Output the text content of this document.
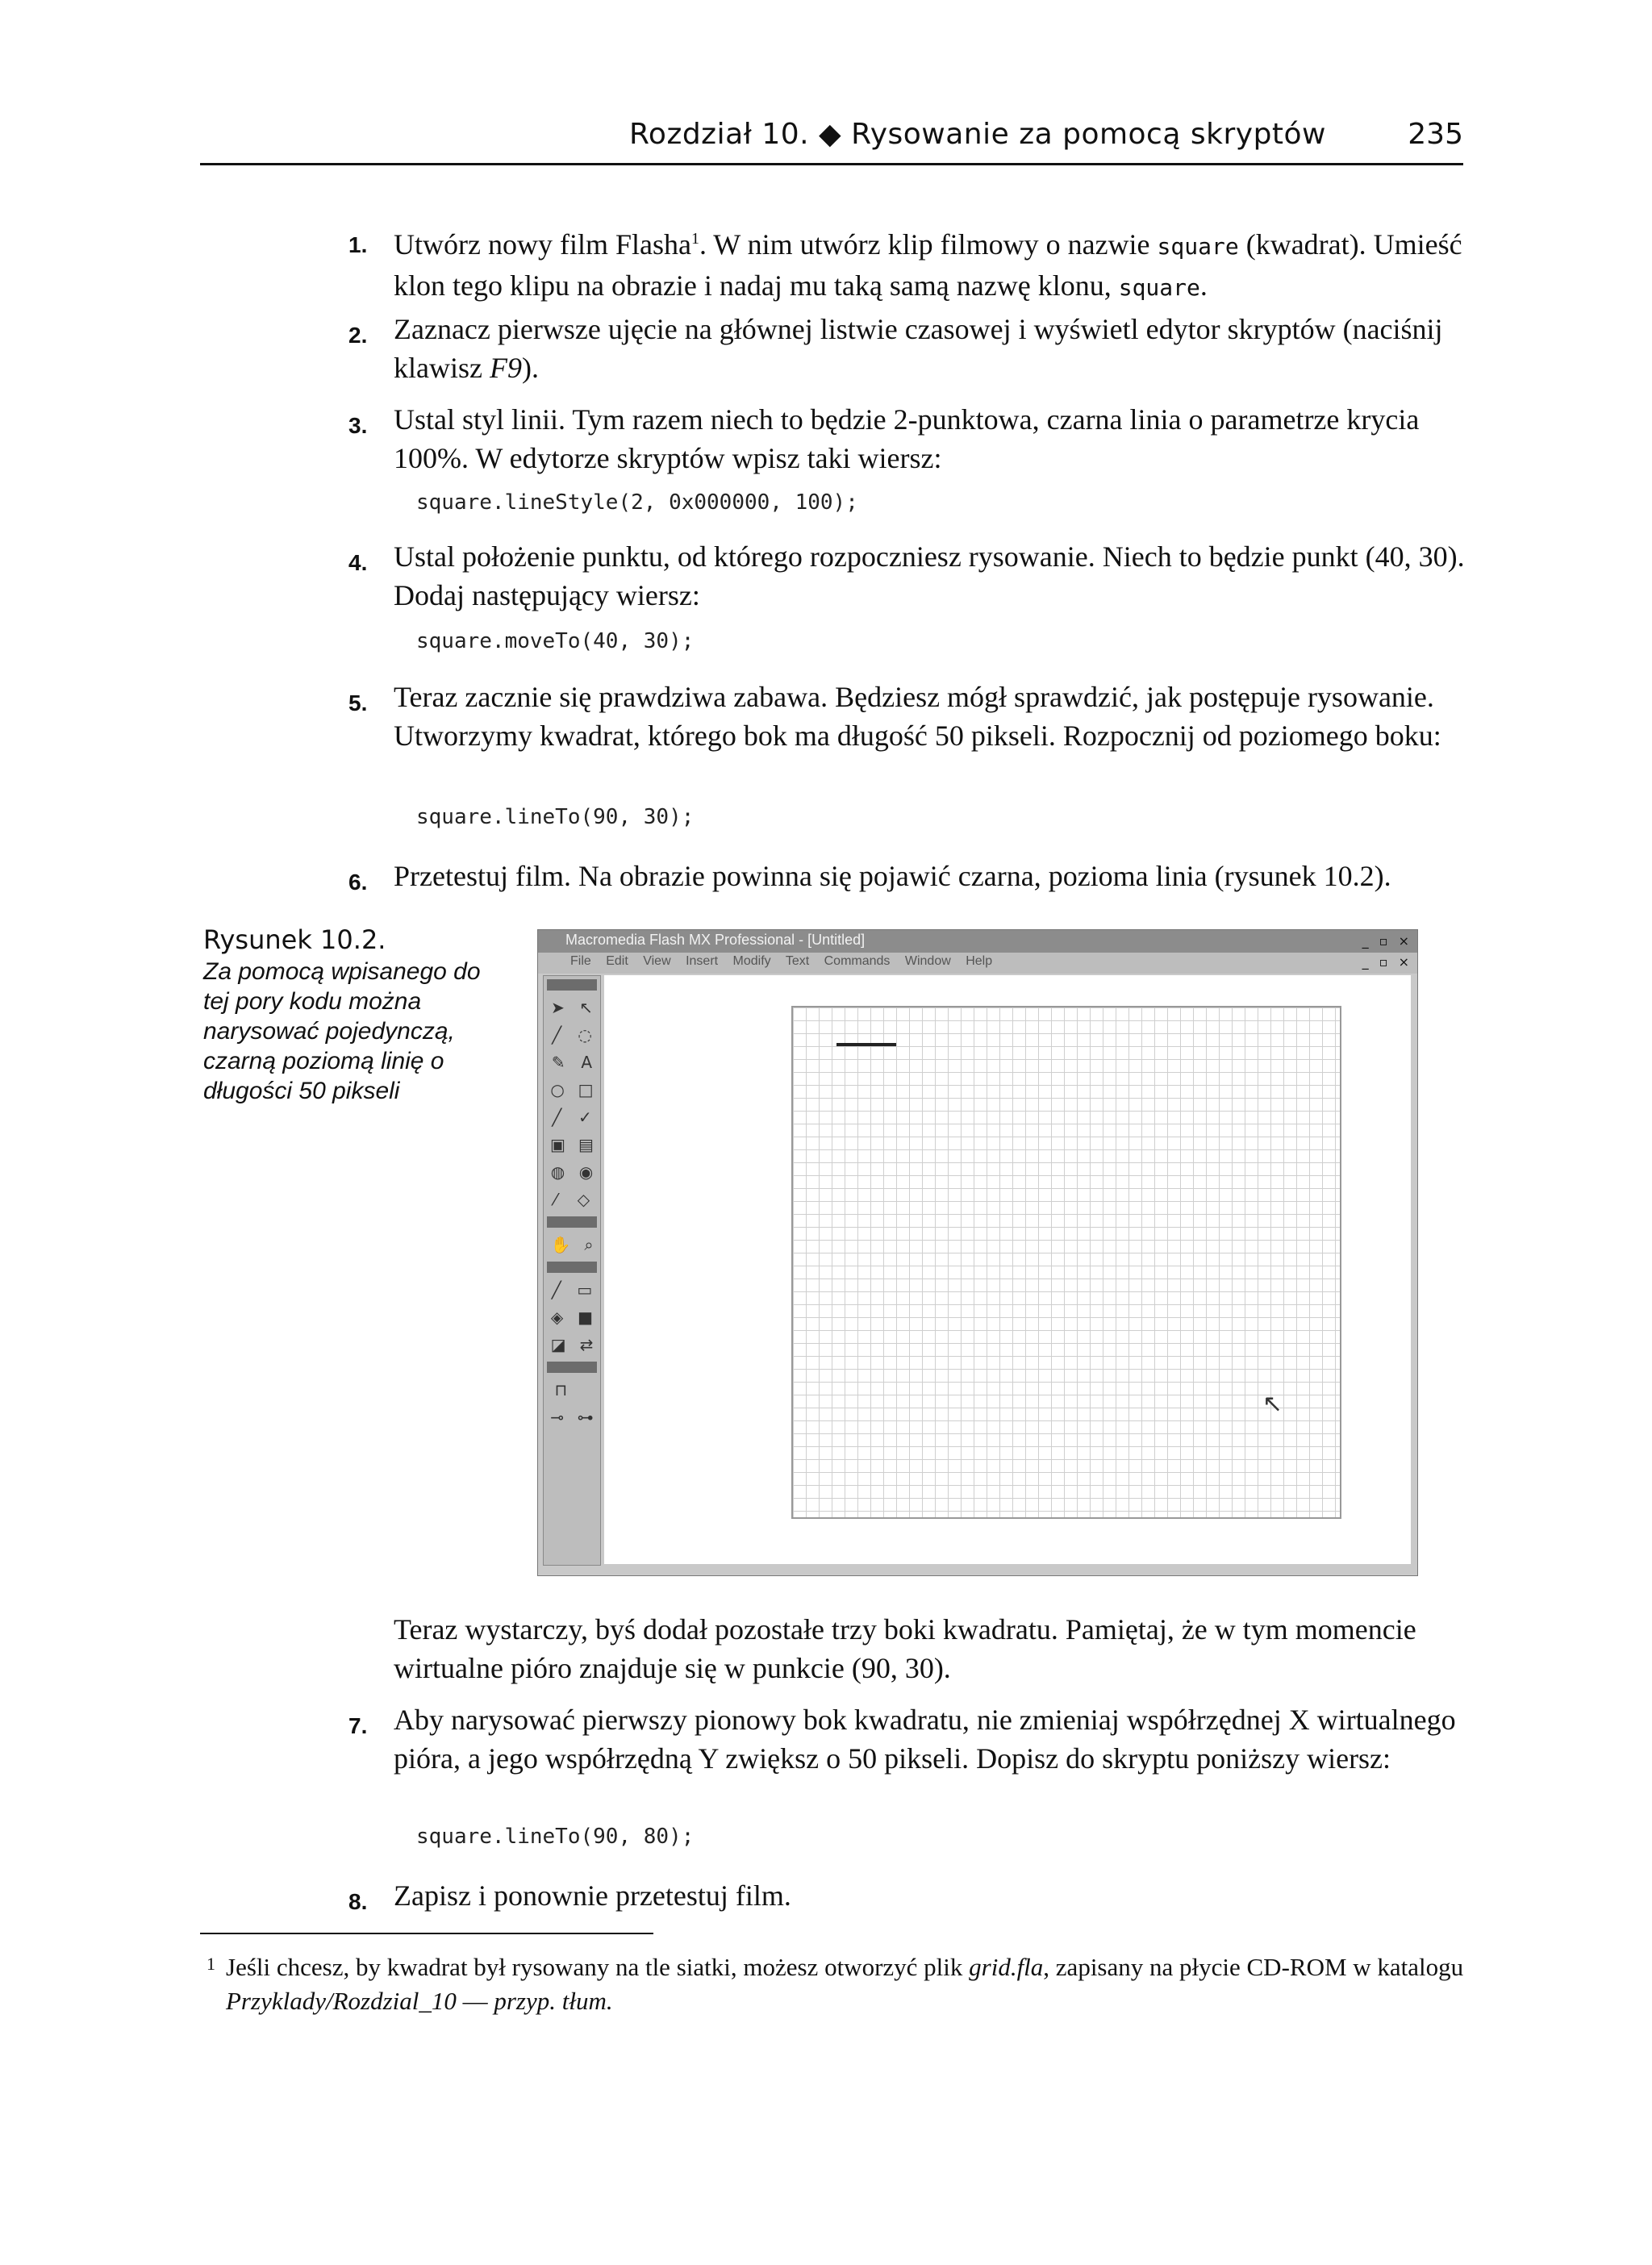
Rozdział 10. ◆ Rysowanie za pomocą skryptów	235
1. Utwórz nowy film Flasha$^1$. W nim utwórz klip filmowy o nazwie square (kwadrat). Umieść klon tego klipu na obrazie i nadaj mu taką samą nazwę klonu, square.
2. Zaznacz pierwsze ujęcie na głównej listwie czasowej i wyświetl edytor skryptów (naciśnij klawisz F9).
3. Ustal styl linii. Tym razem niech to będzie 2-punktowa, czarna linia o parametrze krycia 100%. W edytorze skryptów wpisz taki wiersz:
square.lineStyle(2, 0x000000, 100);
4. Ustal położenie punktu, od którego rozpoczniesz rysowanie. Niech to będzie punkt (40, 30). Dodaj następujący wiersz:
square.moveTo(40, 30);
5. Teraz zacznie się prawdziwa zabawa. Będziesz mógł sprawdzić, jak postępuje rysowanie. Utworzymy kwadrat, którego bok ma długość 50 pikseli. Rozpocznij od poziomego boku:
square.lineTo(90, 30);
6. Przetestuj film. Na obrazie powinna się pojawić czarna, pozioma linia (rysunek 10.2).
Rysunek 10.2.
Za pomocą wpisanego do tej pory kodu można narysować pojedynczą, czarną poziomą linię o długości 50 pikseli
Macromedia Flash MX Professional - [Untitled]	_ ▫ ×
File Edit View Insert Modify Text Commands Window Help	_ ▫ ×
➤ ↖
╱ ◌
✎ A
○ □
╱ ✓
▣ ▤
◍ ◉
⁄ ◇
✋ ⌕
╱ ▭
◈ ■
◪ ⇄
⊓
⊸ ⊶	↖
Teraz wystarczy, byś dodał pozostałe trzy boki kwadratu. Pamiętaj, że w tym momencie wirtualne pióro znajduje się w punkcie (90, 30).
7. Aby narysować pierwszy pionowy bok kwadratu, nie zmieniaj współrzędnej X wirtualnego pióra, a jego współrzędną Y zwiększ o 50 pikseli. Dopisz do skryptu poniższy wiersz:
square.lineTo(90, 80);
8. Zapisz i ponownie przetestuj film.
1 Jeśli chcesz, by kwadrat był rysowany na tle siatki, możesz otworzyć plik grid.fla, zapisany na płycie CD-ROM w katalogu Przyklady/Rozdzial_10 — przyp. tłum.
